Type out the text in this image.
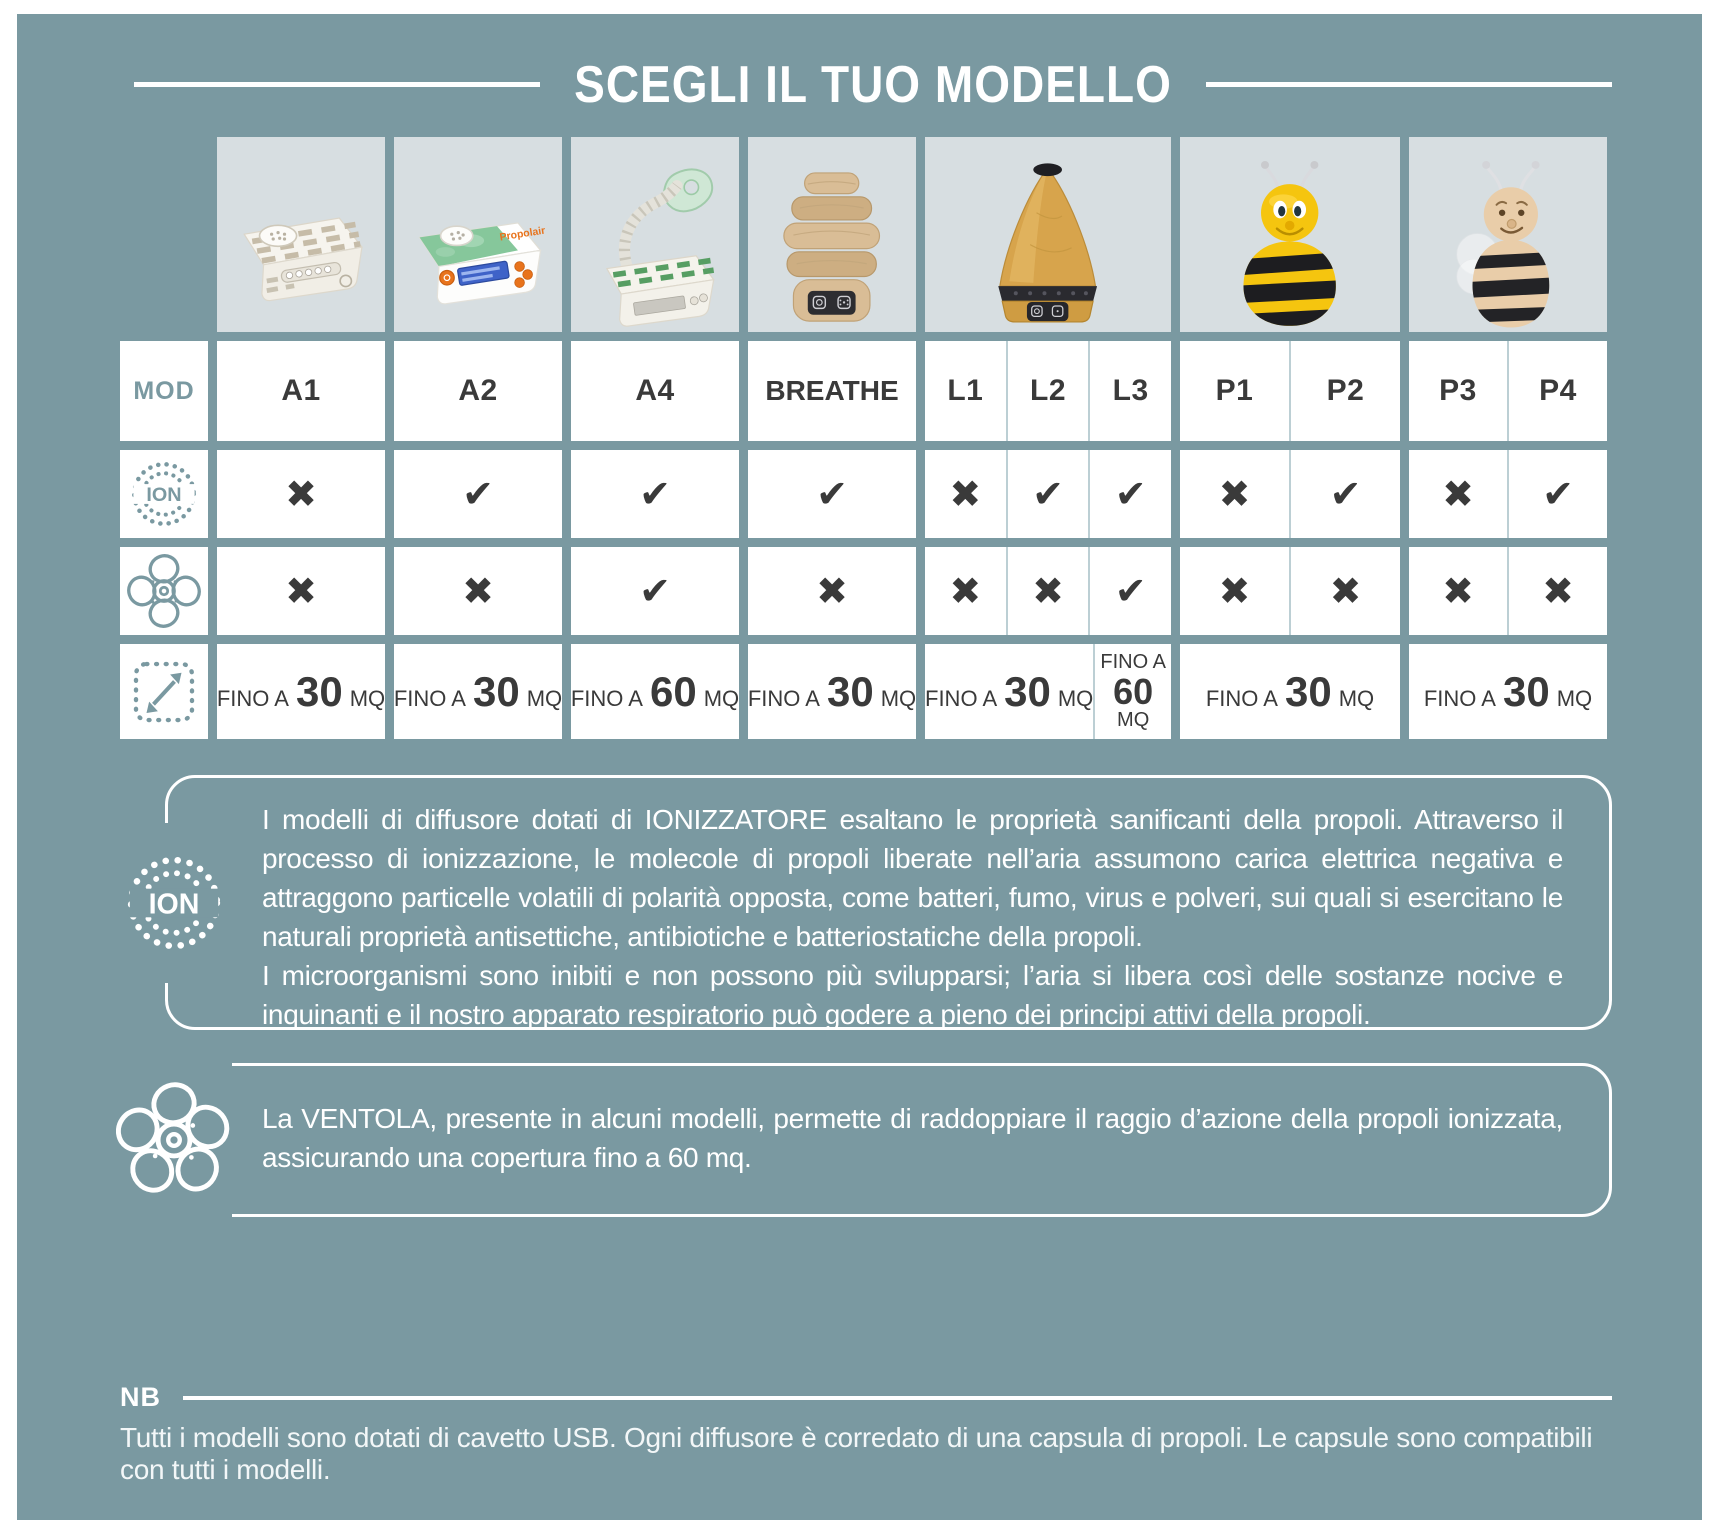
SCEGLI IL TUO MODELLO
Propolair
MOD	A1	A2	A4	BREATHE L1 L2 L3 P1 P2 P3 P4
ION	✖	✔	✔	✔	✖ ✔ ✔ ✖ ✔ ✖ ✔
✖	✖	✔	✖	✖ ✖ ✔ ✖ ✖ ✖ ✖
FINO A 30 MQ FINO A 30 MQ FINO A 60 MQ FINO A 30 MQ FINO A 30 MQ
FINO A
60
MQ
FINO A 30 MQ FINO A 30 MQ
ION

I modelli di diffusore dotati di IONIZZATORE esaltano le proprietà sanificanti della propoli. Attraverso il processo di ionizzazione, le molecole di propoli liberate nell’aria assumono carica elettrica negativa e attraggono particelle volatili di polarità opposta, come batteri, fumo, virus e polveri, sui quali si esercitano le naturali proprietà antisettiche, antibiotiche e batteriostatiche della propoli.

I microorganismi sono inibiti e non possono più svilupparsi; l’aria si libera così delle sostanze nocive e inquinanti e il nostro apparato respiratorio può godere a pieno dei principi attivi della propoli.

La VENTOLA, presente in alcuni modelli, permette di raddoppiare il raggio d’azione della propoli ionizzata, assicurando una copertura fino a 60 mq.

NB
Tutti i modelli sono dotati di cavetto USB. Ogni diffusore è corredato di una capsula di propoli. Le capsule sono compatibili con tutti i modelli.
